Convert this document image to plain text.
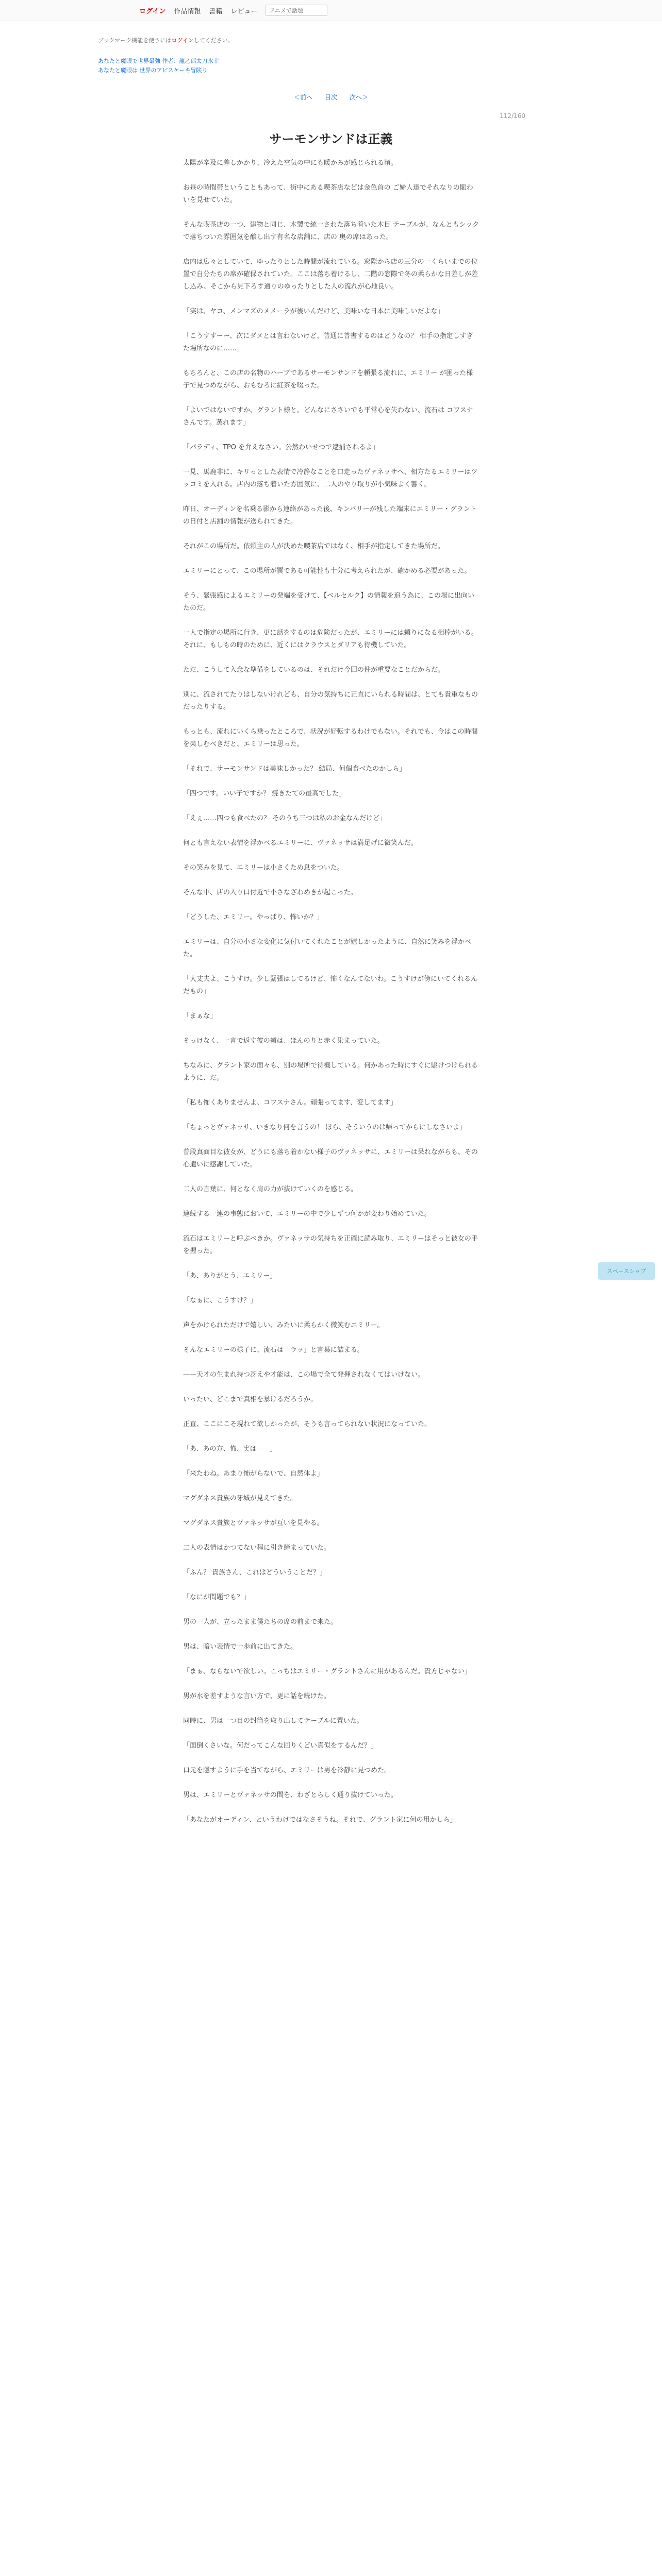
ログイン 作品情報 書籍 レビュー
アニメで話題
ブックマーク機能を使うにはログインしてください。
あなたと魔眼で世界最強 作者：龍乙郎太刀水幸
あなたと魔眼は 世界のアビスケーキ冒険り
＜前へ 目次 次へ＞
112/160
サーモンサンドは正義

太陽が辛及に差しかかり、冷えた空気の中にも暖かみが感じられる頃。

お昼の時間帯ということもあって、街中にある喫茶店などは金色首の ご婦人達でそれなりの賑わいを見せていた。

そんな喫茶店の一つ、建物と同じ、木製で統一された落ち着いた木目 テーブルが、なんともシックで落ちついた雰囲気を醸し出す有名な店舗に、店の 奥の席はあった。

店内は広々としていて、ゆったりとした時間が流れている。窓際から店の三分の一くらいまでの位置で自分たちの席が確保されていた。ここは落ち着けるし、二階の窓際で冬の柔らかな日差しが差し込み、そこから見下ろす通りのゆったりとした人の流れが心地良い。

「実は、ヤコ、メンマズのメメーラが後いんだけど、美味いな日本に美味しいだよな」

「こうすすーー、次にダメとは言わないけど、普通に普書するのはどうなの？ 相手の指定しすぎた場所なのに……」

もちろんと、この店の名物のハーブであるサーモンサンドを頼張る流れに、エミリー が困った様子で見つめながら、おもむろに紅茶を啜った。

「よいではないですか、グラント様と。どんなにささいでも平常心を失わない、流石は コワスナさんです。蒸れます」

「パラディ、TPO を弁えなさい。公然わいせつで逮捕されるよ」

一見、馬鹿非に、キリっとした表情で冷静なことを口走ったヴァネッサへ、相方たるエミリーはツッコミを入れる。店内の落ち着いた雰囲気に、二人のやり取りが小気味よく響く。

昨日、オーディンを名乗る影から連絡があった後、キンバリーが残した端末にエミリー・グラントの日付と店舗の情報が送られてきた。

それがこの場所だ。依頼主の人が決めた喫茶店ではなく、相手が指定してきた場所だ。

エミリーにとって、この場所が罠である可能性も十分に考えられたが、確かめる必要があった。

そう、緊張感によるエミリーの発端を受けて、【ベルセルク】の情報を追う為に、この場に出向いたのだ。

一人で指定の場所に行き、更に話をするのは危険だったが、エミリーには頼りになる相棒がいる。それに、もしもの時のために、近くにはクラウスとダリアも待機していた。

ただ、こうして入念な準備をしているのは、それだけ今回の件が重要なことだからだ。

別に、流されてたりはしないけれども、自分の気持ちに正直にいられる時間は、とても貴重なものだったりする。

もっとも、流れにいくら乗ったところで、状況が好転するわけでもない。それでも、今はこの時間を楽しむべきだと、エミリーは思った。

「それで、サーモンサンドは美味しかった？ 結局、何個食べたのかしら」

「四つです。いい子ですか？ 焼きたての最高でした」

「えぇ……四つも食べたの？ そのうち三つは私のお金なんだけど」

何とも言えない表情を浮かべるエミリーに、ヴァネッサは満足げに微笑んだ。

その笑みを見て、エミリーは小さくため息をついた。

そんな中、店の入り口付近で小さなざわめきが起こった。

「どうした、エミリー。やっぱり、怖いか？」

エミリーは、自分の小さな変化に気付いてくれたことが嬉しかったように、自然に笑みを浮かべた。

「大丈夫よ、こうすけ。少し緊張はしてるけど、怖くなんてないわ。こうすけが傍にいてくれるんだもの」

「まぁな」

そっけなく、一言で返す彼の頬は、ほんのりと赤く染まっていた。

ちなみに、グラント家の面々も、別の場所で待機している。何かあった時にすぐに駆けつけられるように、だ。

「私も怖くありませんよ、コワスナさん。頑張ってます、変してます」

「ちょっとヴァネッサ、いきなり何を言うの！ ほら、そういうのは帰ってからにしなさいよ」

普段真面目な彼女が、どうにも落ち着かない様子のヴァネッサに、エミリーは呆れながらも、その心遣いに感謝していた。

二人の言葉に、何となく肩の力が抜けていくのを感じる。

連続する一連の事態において、エミリーの中で少しずつ何かが変わり始めていた。

流石はエミリーと呼ぶべきか。ヴァネッサの気持ちを正確に読み取り、エミリーはそっと彼女の手を握った。

「あ、ありがとう、エミリー」

「なぁに、こうすけ？」

声をかけられただけで嬉しい、みたいに柔らかく微笑むエミリー。

そんなエミリーの様子に、流石は「ラッ」と言葉に詰まる。

——天才の生まれ持つ冴えや才能は、この場で全て発揮されなくてはいけない。

いったい、どこまで真相を暴けるだろうか。

正直、ここにこそ現れて欲しかったが、そうも言ってられない状況になっていた。

「あ、あの方、怖、実は——」

「来たわね。あまり怖がらないで、自然体よ」

マグダネス貴族の牙城が見えてきた。

マグダネス貴族とヴァネッサが互いを見やる。

二人の表情はかつてない程に引き締まっていた。

「ふん？ 貴族さん、これはどういうことだ？」

「なにが問題でも？」

男の一人が、立ったまま僕たちの席の前まで来た。

男は、暗い表情で一歩前に出てきた。

「まぁ、ならないで欲しい。こっちはエミリー・グラントさんに用があるんだ。貴方じゃない」

男が水を差すような言い方で、更に話を続けた。

同時に、男は一つ目の封筒を取り出してテーブルに置いた。

「面倒くさいな。何だってこんな回りくどい真似をするんだ？」

口元を隠すように手を当てながら、エミリーは男を冷静に見つめた。

男は、エミリーとヴァネッサの間を、わざとらしく通り抜けていった。

「あなたがオーディン、というわけではなさそうね。それで、グラント家に何の用かしら」

スペースシップ
